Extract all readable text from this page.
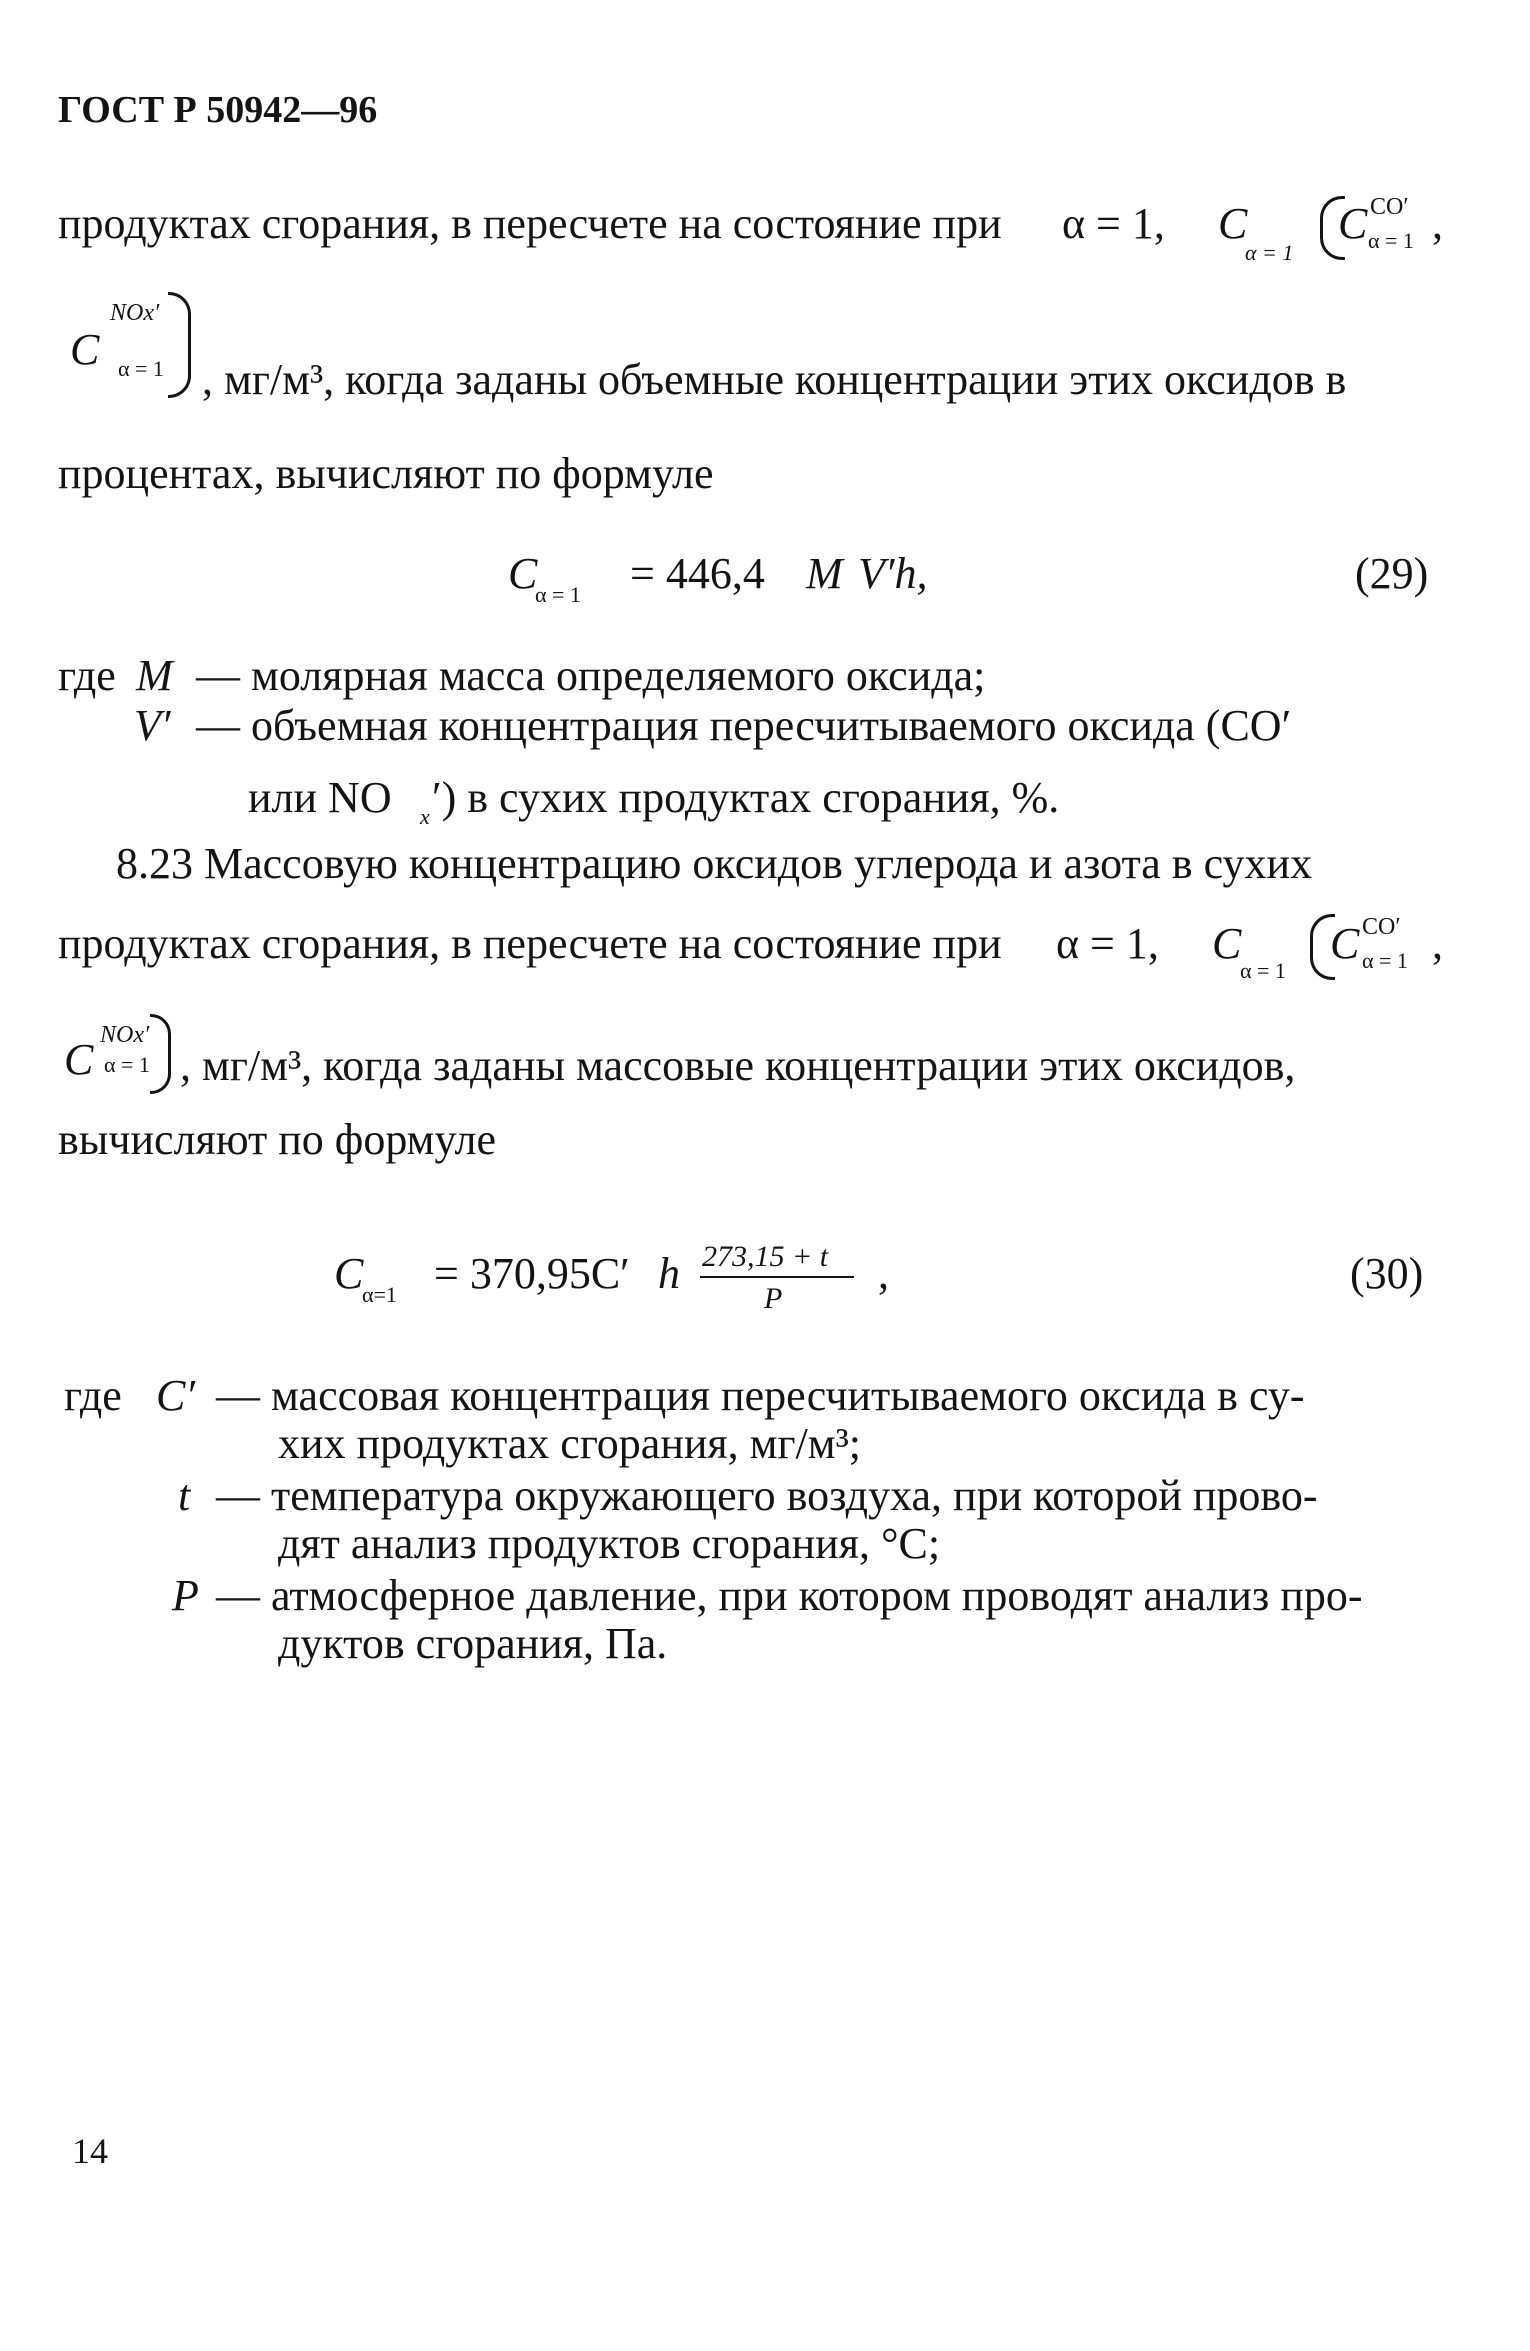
ГОСТ Р 50942—96
продуктах сгорания, в пересчете на состояние при α = 1, C
α = 1
C CO′
α = 1 ,
C
NOx′
α = 1 , мг/м³, когда заданы объемные концентрации этих оксидов в
процентах, вычисляют по формуле
C
α = 1 = 446,4 M V′h,	(29)
где M — молярная масса определяемого оксида;
V′ — объемная концентрация пересчитываемого оксида (CO′
или NO x ′) в сухих продуктах сгорания, %.
8.23 Массовую концентрацию оксидов углерода и азота в сухих
продуктах сгорания, в пересчете на состояние при α = 1, C
α = 1
C CO′
α = 1 ,
C NOx′
α = 1 , мг/м³, когда заданы массовые концентрации этих оксидов,
вычисляют по формуле
C
α=1 = 370,95C′ h 273,15 + t
P
,	(30)
где C′ — массовая концентрация пересчитываемого оксида в су-
хих продуктах сгорания, мг/м³;
t — температура окружающего воздуха, при которой прово-
дят анализ продуктов сгорания, °C;
P — атмосферное давление, при котором проводят анализ про-
дуктов сгорания, Па.
14
